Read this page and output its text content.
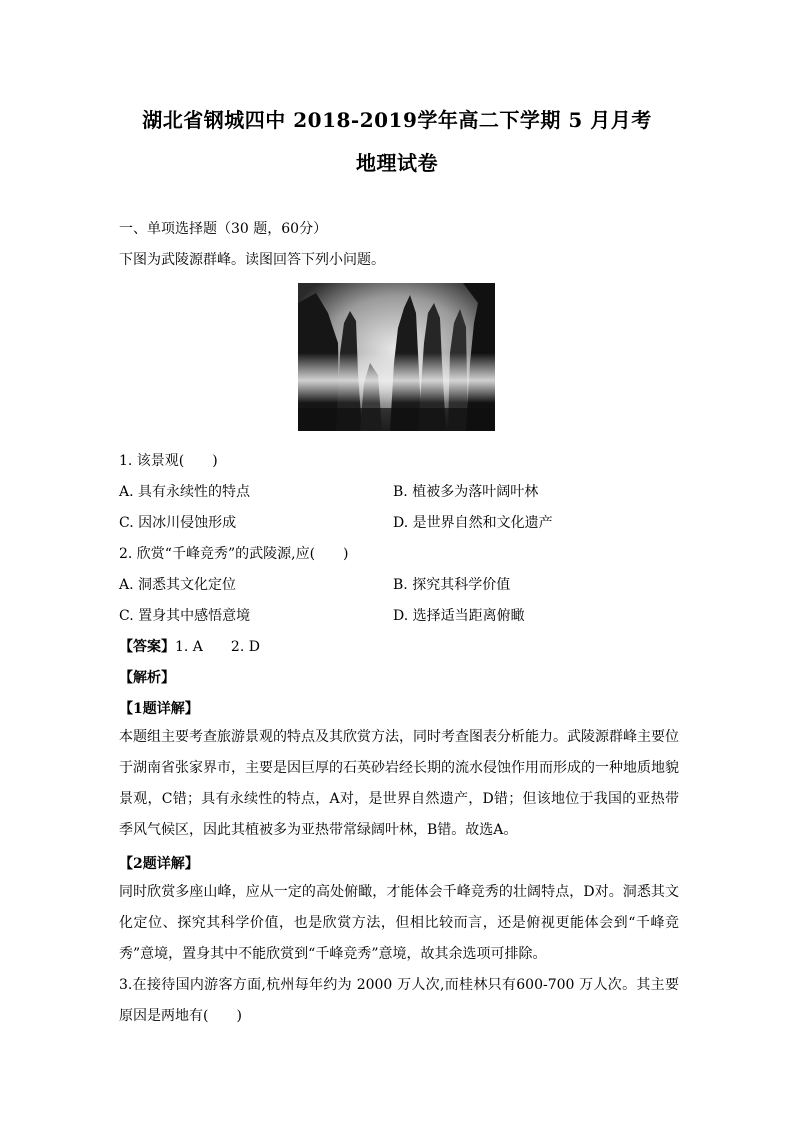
湖北省钢城四中 2018-2019学年高二下学期 5 月月考
地理试卷
一、单项选择题（30 题，60分）
下图为武陵源群峰。读图回答下列小问题。
1. 该景观(　　)
A. 具有永续性的特点	B. 植被多为落叶阔叶林
C. 因冰川侵蚀形成	D. 是世界自然和文化遗产
2. 欣赏“千峰竞秀”的武陵源,应(　　)
A. 洞悉其文化定位	B. 探究其科学价值
C. 置身其中感悟意境	D. 选择适当距离俯瞰
【答案】1. A　　2. D
【解析】
【1题详解】
本题组主要考查旅游景观的特点及其欣赏方法，同时考查图表分析能力。武陵源群峰主要位于湖南省张家界市，主要是因巨厚的石英砂岩经长期的流水侵蚀作用而形成的一种地质地貌景观，C错；具有永续性的特点，A对，是世界自然遗产，D错；但该地位于我国的亚热带季风气候区，因此其植被多为亚热带常绿阔叶林，B错。故选A。
【2题详解】
同时欣赏多座山峰，应从一定的高处俯瞰，才能体会千峰竞秀的壮阔特点，D对。洞悉其文化定位、探究其科学价值，也是欣赏方法，但相比较而言，还是俯视更能体会到“千峰竞秀”意境，置身其中不能欣赏到“千峰竞秀”意境，故其余选项可排除。
3.在接待国内游客方面,杭州每年约为 2000 万人次,而桂林只有600-700 万人次。其主要原因是两地有(　　)
